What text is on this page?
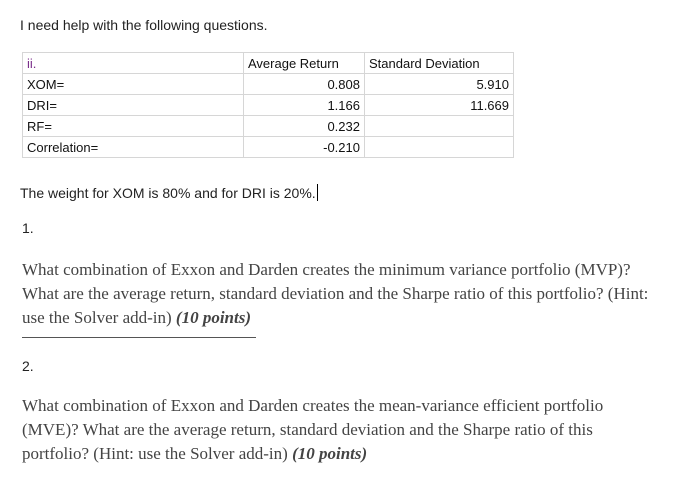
I need help with the following questions.
ii.	Average Return	Standard Deviation
XOM=	0.808	5.910
DRI=	1.166	11.669
RF=	0.232	
Correlation=	-0.210	
The weight for XOM is 80% and for DRI is 20%.
1.
What combination of Exxon and Darden creates the minimum variance portfolio (MVP)? What are the average return, standard deviation and the Sharpe ratio of this portfolio? (Hint: use the Solver add-in) (10 points)
2.
What combination of Exxon and Darden creates the mean-variance efficient portfolio (MVE)? What are the average return, standard deviation and the Sharpe ratio of this portfolio? (Hint: use the Solver add-in) (10 points)
